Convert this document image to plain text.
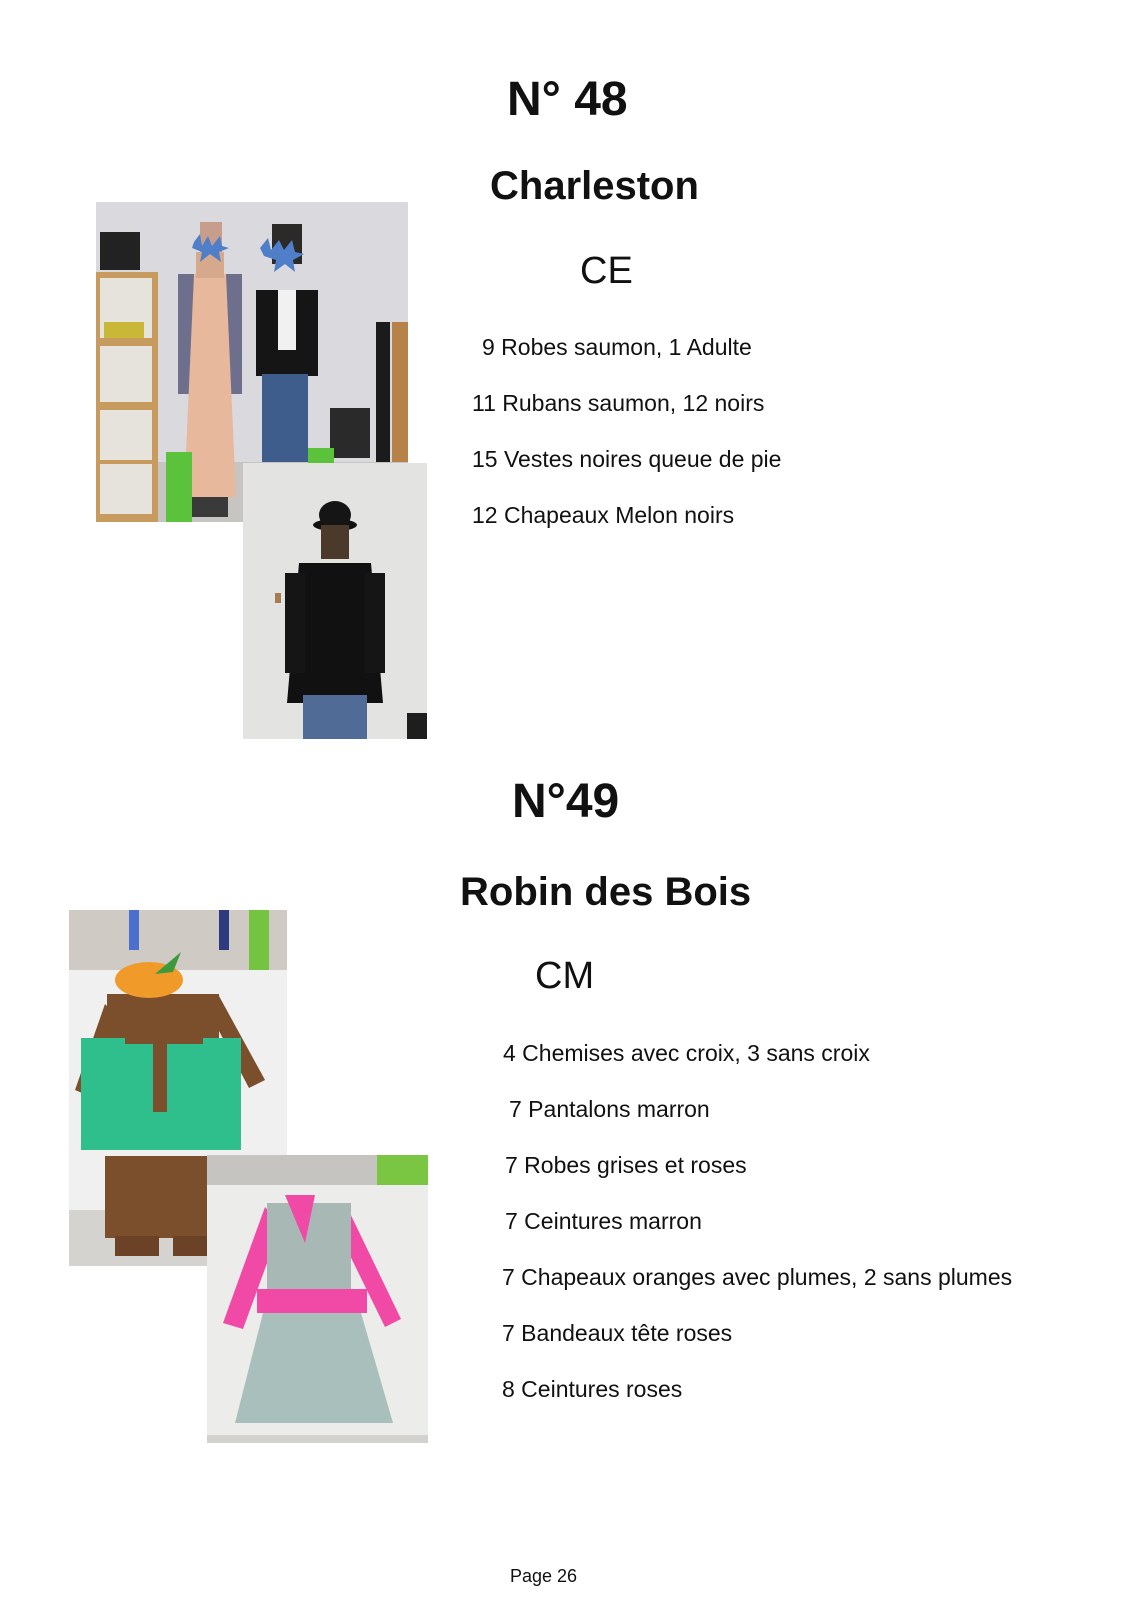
N° 48
Charleston
CE
9 Robes saumon, 1 Adulte
11 Rubans saumon, 12 noirs
15 Vestes noires queue de pie
12 Chapeaux Melon noirs
N°49
Robin des Bois
CM
4 Chemises avec croix, 3 sans croix
7 Pantalons marron
7 Robes grises et roses
7 Ceintures marron
7 Chapeaux oranges avec plumes, 2 sans plumes
7 Bandeaux tête roses
8 Ceintures roses
Page 26
